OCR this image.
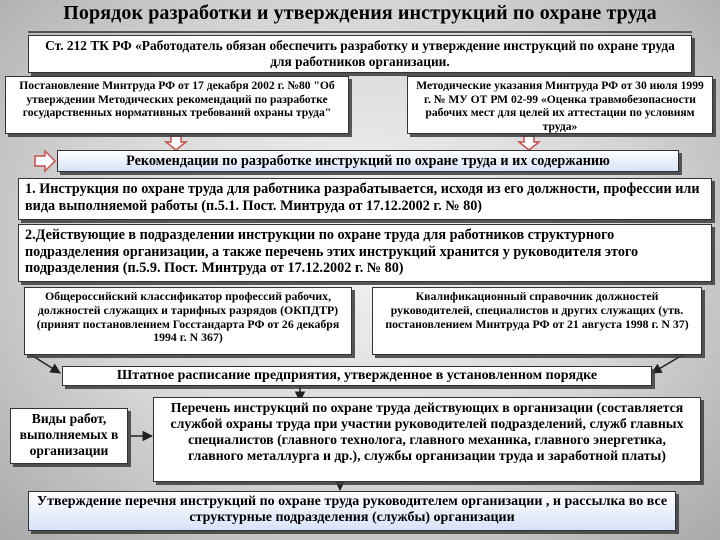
Порядок разработки и утверждения инструкций по охране труда
Ст. 212 ТК РФ «Работодатель обязан обеспечить разработку и утверждение инструкций по охране труда для работников организации.
Постановление Минтруда РФ от 17 декабря 2002 г. №80 "Об утверждении Методических рекомендаций по разработке государственных нормативных требований охраны труда"
Методические указания Минтруда РФ от 30 июля 1999 г. № МУ ОТ РМ 02-99 «Оценка травмобезопасности рабочих мест для целей их аттестации по условиям труда»
Рекомендации по разработке инструкций по охране труда и их содержанию
1. Инструкция по охране труда для работника разрабатывается, исходя из его должности, профессии или вида выполняемой работы (п.5.1. Пост. Минтруда от 17.12.2002 г. № 80)
2.Действующие в подразделении инструкции по охране труда для работников структурного подразделения организации, а также перечень этих инструкций хранится у руководителя этого подразделения (п.5.9. Пост. Минтруда от 17.12.2002 г. № 80)
Общероссийский классификатор профессий рабочих, должностей служащих и тарифных разрядов (ОКПДТР) (принят постановлением Госстандарта РФ от 26 декабря 1994 г. N 367)
Квалификационный справочник должностей руководителей, специалистов и других служащих (утв. постановлением Минтруда РФ от 21 августа 1998 г. N 37)
Штатное расписание предприятия, утвержденное в установленном порядке
Виды работ, выполняемых в организации
Перечень инструкций по охране труда действующих в организации (составляется службой охраны труда при участии руководителей подразделений, служб главных специалистов (главного технолога, главного механика, главного энергетика, главного металлурга и др.), службы организации труда и заработной платы)
Утверждение перечня инструкций по охране труда руководителем организации , и рассылка во все структурные подразделения (службы) организации
